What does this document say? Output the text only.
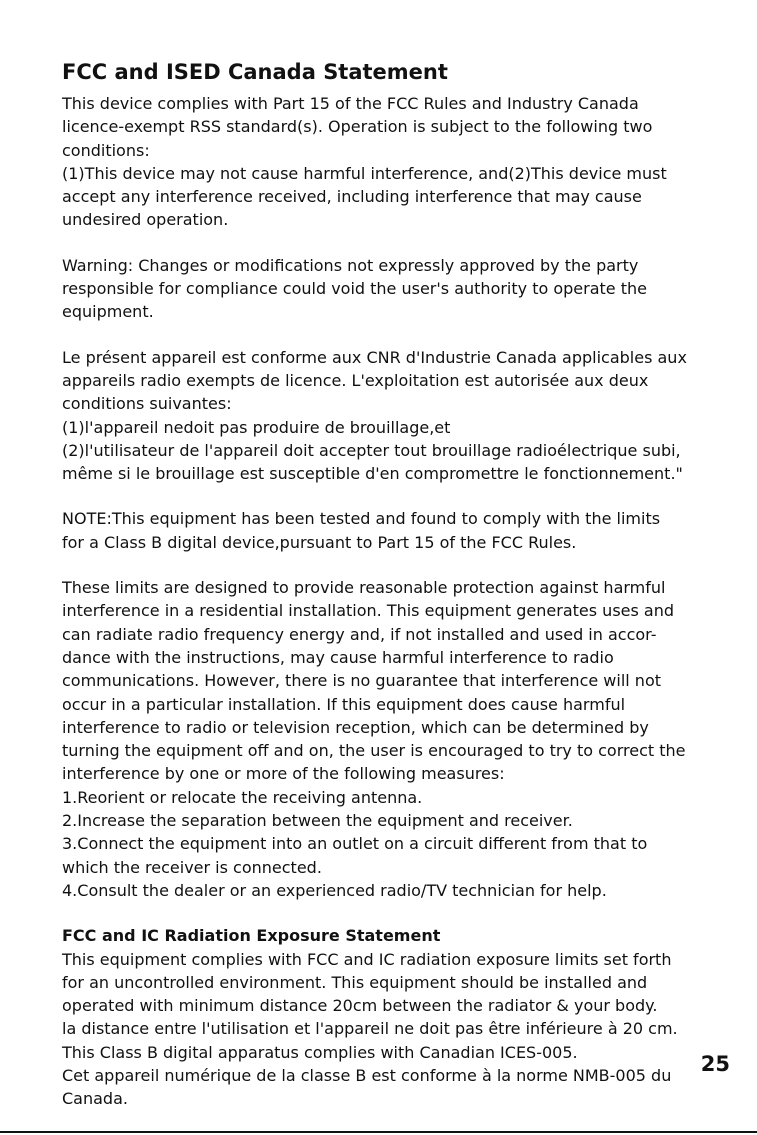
FCC and ISED Canada Statement
This device complies with Part 15 of the FCC Rules and Industry Canada
licence-exempt RSS standard(s). Operation is subject to the following two
conditions:
(1)This device may not cause harmful interference, and(2)This device must
accept any interference received, including interference that may cause
undesired operation.
Warning: Changes or modifications not expressly approved by the party
responsible for compliance could void the user's authority to operate the
equipment.
Le présent appareil est conforme aux CNR d'Industrie Canada applicables aux
appareils radio exempts de licence. L'exploitation est autorisée aux deux
conditions suivantes:
(1)l'appareil nedoit pas produire de brouillage,et
(2)l'utilisateur de l'appareil doit accepter tout brouillage radioélectrique subi,
même si le brouillage est susceptible d'en compromettre le fonctionnement."
NOTE:This equipment has been tested and found to comply with the limits
for a Class B digital device,pursuant to Part 15 of the FCC Rules.
These limits are designed to provide reasonable protection against harmful
interference in a residential installation. This equipment generates uses and
can radiate radio frequency energy and, if not installed and used in accor-
dance with the instructions, may cause harmful interference to radio
communications. However, there is no guarantee that interference will not
occur in a particular installation. If this equipment does cause harmful
interference to radio or television reception, which can be determined by
turning the equipment off and on, the user is encouraged to try to correct the
interference by one or more of the following measures:
1.Reorient or relocate the receiving antenna.
2.Increase the separation between the equipment and receiver.
3.Connect the equipment into an outlet on a circuit different from that to
which the receiver is connected.
4.Consult the dealer or an experienced radio/TV technician for help.
FCC and IC Radiation Exposure Statement
This equipment complies with FCC and IC radiation exposure limits set forth
for an uncontrolled environment. This equipment should be installed and
operated with minimum distance 20cm between the radiator & your body.
la distance entre l'utilisation et l'appareil ne doit pas être inférieure à 20 cm.
This Class B digital apparatus complies with Canadian ICES-005.
Cet appareil numérique de la classe B est conforme à la norme NMB-005 du
Canada.
25
